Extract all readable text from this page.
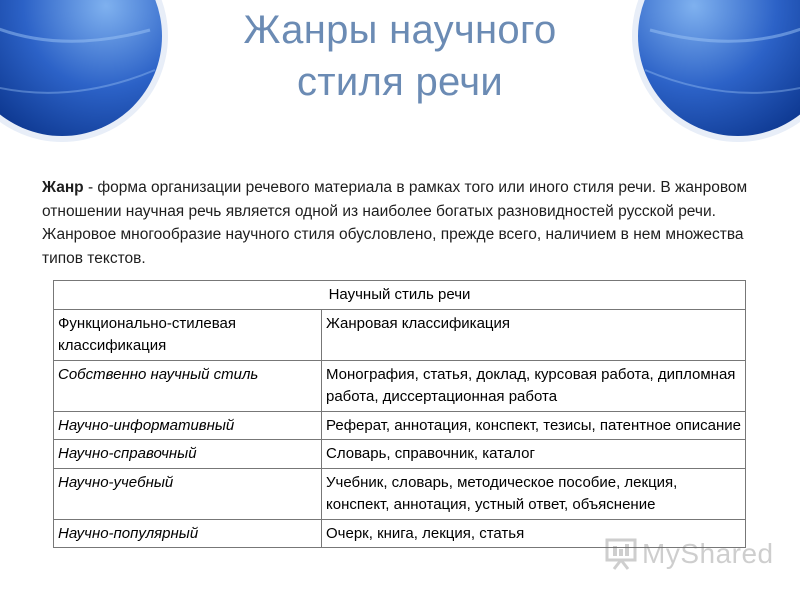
Жанры научного
стиля речи
Жанр - форма организации речевого материала в рамках того или иного стиля речи. В жанровом отношении научная речь является одной из наиболее богатых разновидностей русской речи. Жанровое многообразие научного стиля обусловлено, прежде всего, наличием в нем множества типов текстов.
Научный стиль речи	
Функционально-стилевая классификация	Жанровая классификация
Собственно научный стиль	Монография, статья, доклад, курсовая работа, дипломная работа, диссертационная работа
Научно-информативный	Реферат, аннотация, конспект, тезисы, патентное описание
Научно-справочный	Словарь, справочник, каталог
Научно-учебный	Учебник, словарь, методическое пособие, лекция, конспект, аннотация, устный ответ, объяснение
Научно-популярный	Очерк, книга, лекция, статья
MyShared
